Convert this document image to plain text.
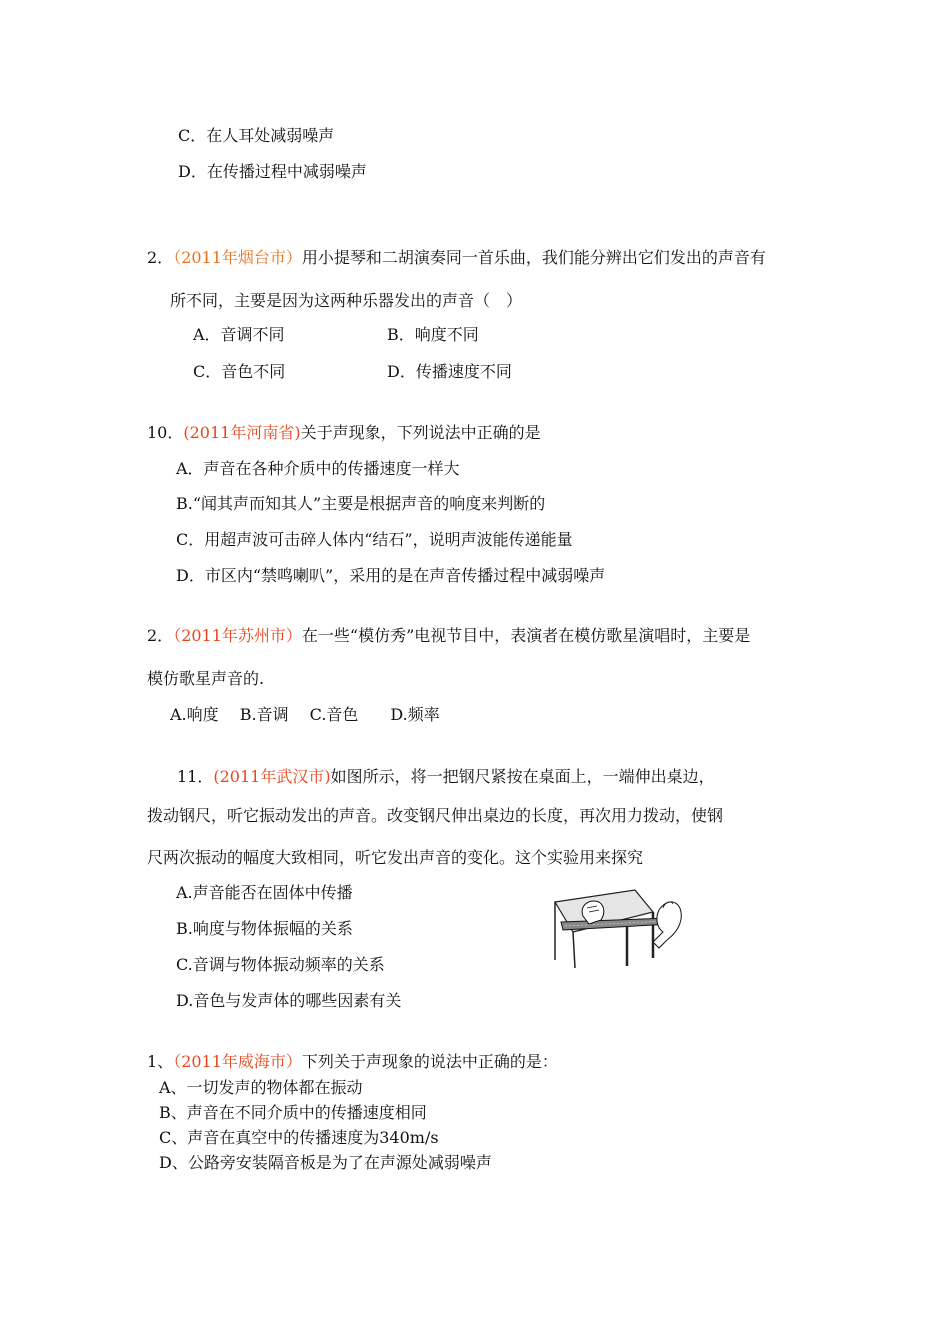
C．在人耳处减弱噪声
D．在传播过程中减弱噪声
2．（2011年烟台市）用小提琴和二胡演奏同一首乐曲，我们能分辨出它们发出的声音有
所不同，主要是因为这两种乐器发出的声音（　）
A．音调不同	B．响度不同
C．音色不同	D．传播速度不同
10．(2011年河南省)关于声现象，下列说法中正确的是
A．声音在各种介质中的传播速度一样大
B.“闻其声而知其人”主要是根据声音的响度来判断的
C．用超声波可击碎人体内“结石”，说明声波能传递能量
D．市区内“禁鸣喇叭”，采用的是在声音传播过程中减弱噪声
2．（2011年苏州市）在一些“模仿秀”电视节目中，表演者在模仿歌星演唱时，主要是
模仿歌星声音的.
A.响度　 B.音调　 C.音色　　D.频率
11．(2011年武汉市)如图所示，将一把钢尺紧按在桌面上，一端伸出桌边，
拨动钢尺，听它振动发出的声音。改变钢尺伸出桌边的长度，再次用力拨动，使钢
尺两次振动的幅度大致相同，听它发出声音的变化。这个实验用来探究
A.声音能否在固体中传播
B.响度与物体振幅的关系
C.音调与物体振动频率的关系
D.音色与发声体的哪些因素有关
1、（2011年威海市）下列关于声现象的说法中正确的是：
A、一切发声的物体都在振动
B、声音在不同介质中的传播速度相同
C、声音在真空中的传播速度为340m/s
D、公路旁安装隔音板是为了在声源处减弱噪声
